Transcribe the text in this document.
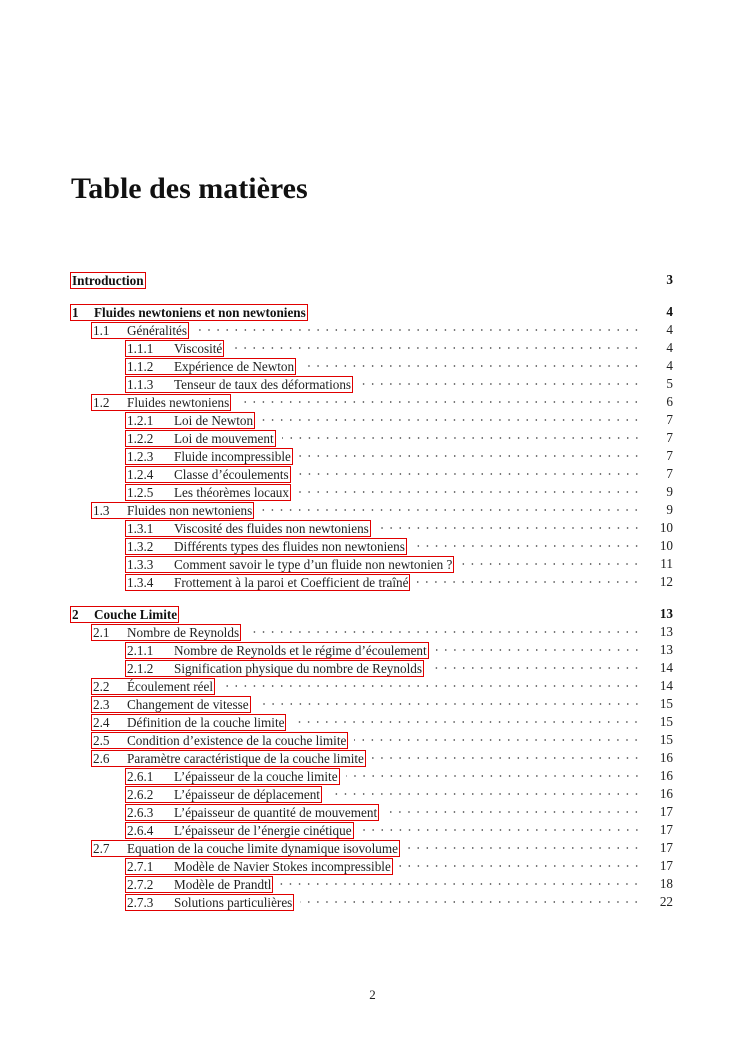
Table des matières
Introduction	3
1	Fluides newtoniens et non newtoniens	4
1.1	Généralités	4
1.1.1	Viscosité	4
1.1.2	Expérience de Newton	4
1.1.3	Tenseur de taux des déformations	5
1.2	Fluides newtoniens	6
1.2.1	Loi de Newton	7
1.2.2	Loi de mouvement	7
1.2.3	Fluide incompressible	7
1.2.4	Classe d’écoulements	7
1.2.5	Les théorèmes locaux	9
1.3	Fluides non newtoniens	9
1.3.1	Viscosité des fluides non newtoniens	10
1.3.2	Différents types des fluides non newtoniens	10
1.3.3	Comment savoir le type d’un fluide non newtonien ?	11
1.3.4	Frottement à la paroi et Coefficient de traîné	12
2	Couche Limite	13
2.1	Nombre de Reynolds	13
2.1.1	Nombre de Reynolds et le régime d’écoulement	13
2.1.2	Signification physique du nombre de Reynolds	14
2.2	Écoulement réel	14
2.3	Changement de vitesse	15
2.4	Définition de la couche limite	15
2.5	Condition d’existence de la couche limite	15
2.6	Paramètre caractéristique de la couche limite	16
2.6.1	L’épaisseur de la couche limite	16
2.6.2	L’épaisseur de déplacement	16
2.6.3	L’épaisseur de quantité de mouvement	17
2.6.4	L’épaisseur de l’énergie cinétique	17
2.7	Equation de la couche limite dynamique isovolume	17
2.7.1	Modèle de Navier Stokes incompressible	17
2.7.2	Modèle de Prandtl	18
2.7.3	Solutions particulières	22
2
